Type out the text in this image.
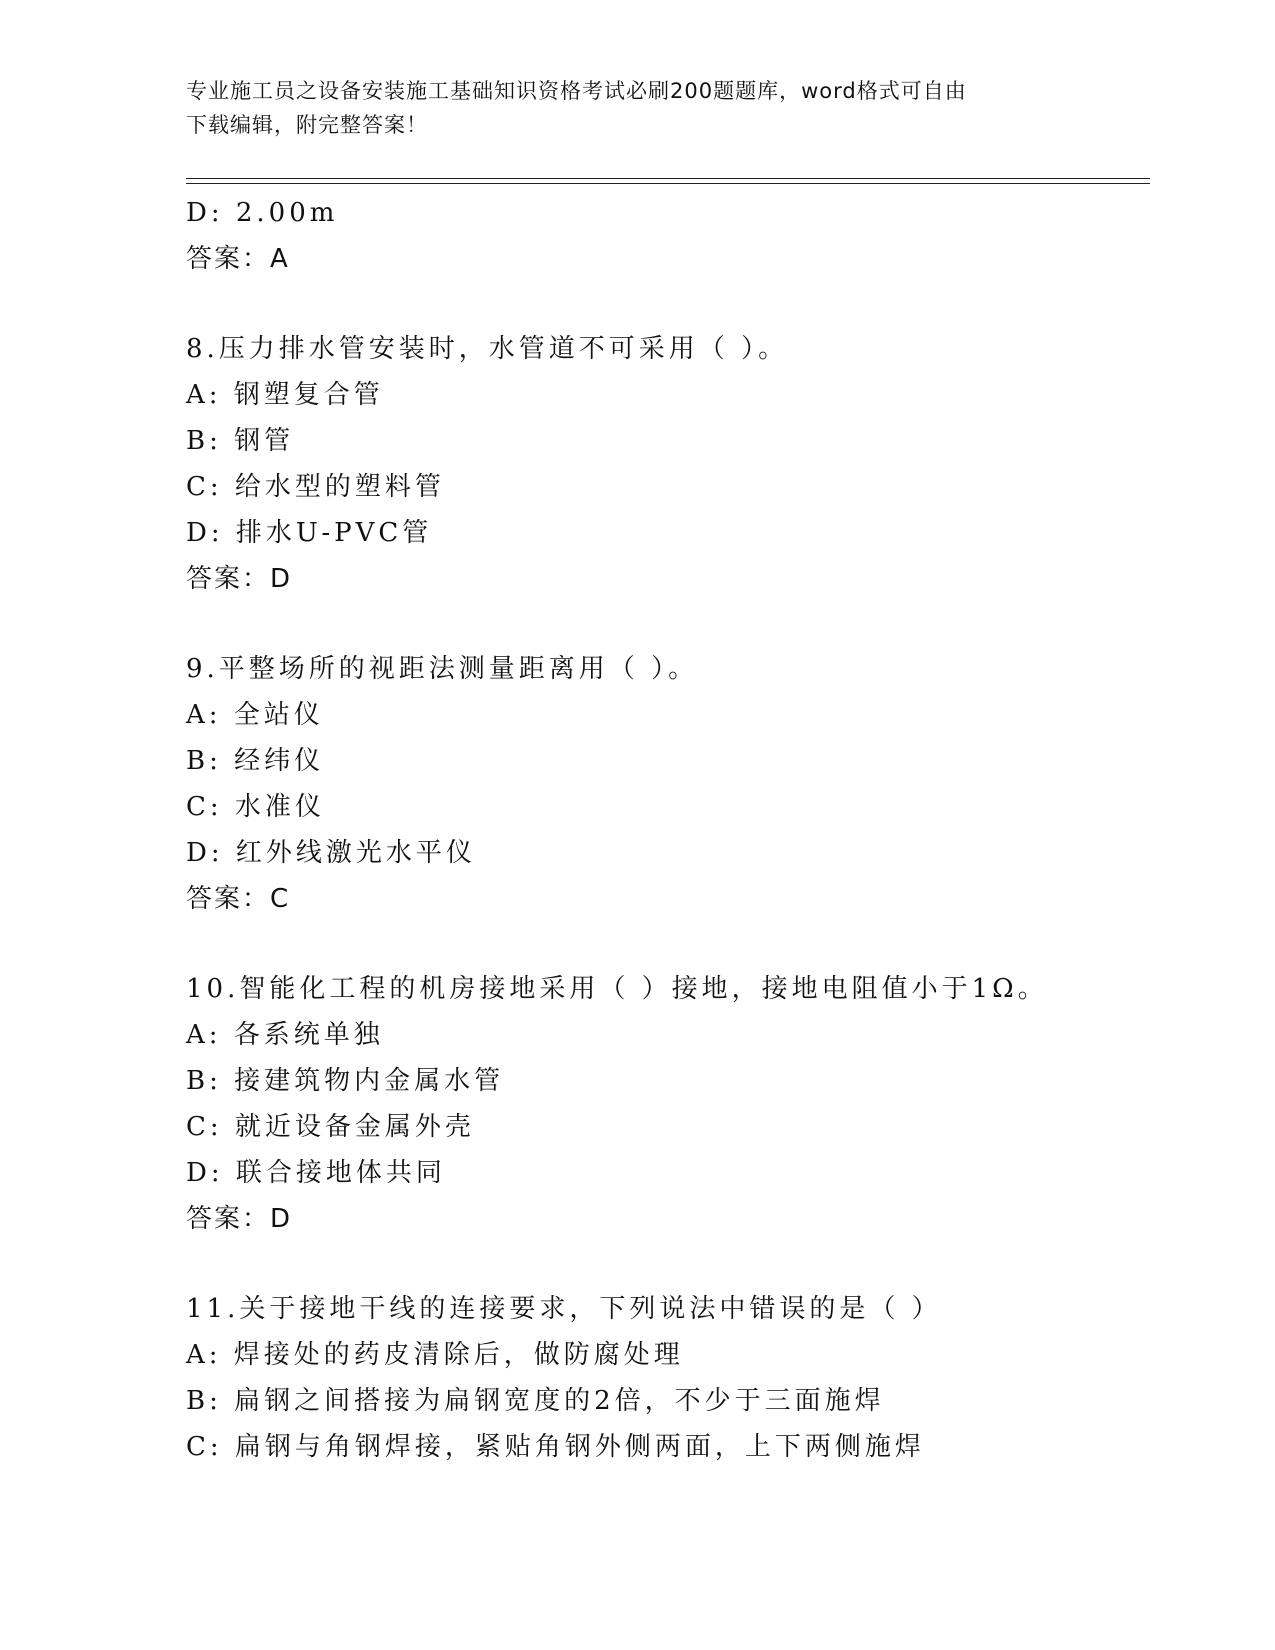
专业施工员之设备安装施工基础知识资格考试必刷200题题库，word格式可自由
下载编辑，附完整答案！
D: 2.00m
答案：A
8.压力排水管安装时，水管道不可采用（ ）。
A: 钢塑复合管
B: 钢管
C: 给水型的塑料管
D: 排水U-PVC管
答案：D
9.平整场所的视距法测量距离用（ ）。
A: 全站仪
B: 经纬仪
C: 水准仪
D: 红外线激光水平仪
答案：C
10.智能化工程的机房接地采用（ ）接地，接地电阻值小于1Ω。
A: 各系统单独
B: 接建筑物内金属水管
C: 就近设备金属外壳
D: 联合接地体共同
答案：D
11.关于接地干线的连接要求，下列说法中错误的是（ ）
A: 焊接处的药皮清除后，做防腐处理
B: 扁钢之间搭接为扁钢宽度的2倍，不少于三面施焊
C: 扁钢与角钢焊接，紧贴角钢外侧两面，上下两侧施焊
